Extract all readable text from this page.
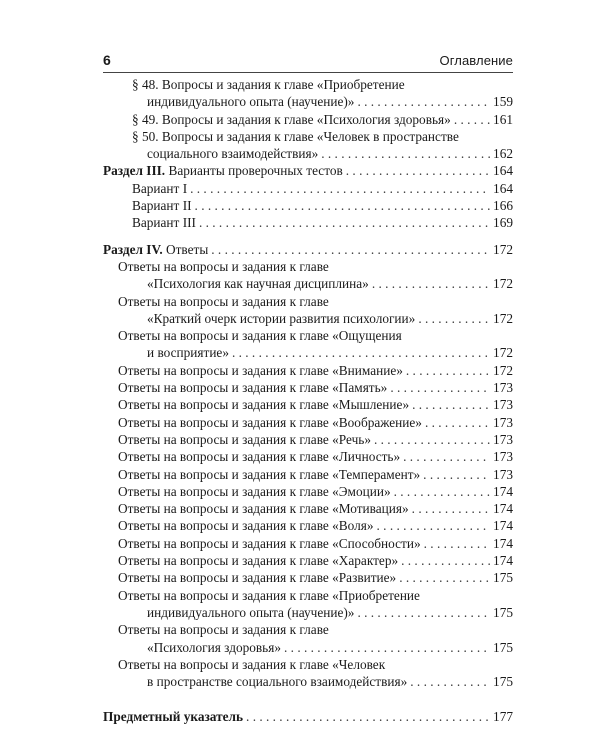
6	Оглавление
§ 48. Вопросы и задания к главе «Приобретение
индивидуального опыта (научение)» . . .	159
§ 49. Вопросы и задания к главе «Психология здоровья» . . .	161
§ 50. Вопросы и задания к главе «Человек в пространстве
социального взаимодействия» . . .	162
Раздел III. Варианты проверочных тестов . . .	164
Вариант I . . .	164
Вариант II . . .	166
Вариант III . . .	169
Раздел IV. Ответы . . .	172
Ответы на вопросы и задания к главе
«Психология как научная дисциплина» . . .	172
Ответы на вопросы и задания к главе
«Краткий очерк истории развития психологии» . . .	172
Ответы на вопросы и задания к главе «Ощущения
и восприятие» . . .	172
Ответы на вопросы и задания к главе «Внимание» . . .	172
Ответы на вопросы и задания к главе «Память» . . .	173
Ответы на вопросы и задания к главе «Мышление» . . .	173
Ответы на вопросы и задания к главе «Воображение» . . .	173
Ответы на вопросы и задания к главе «Речь» . . .	173
Ответы на вопросы и задания к главе «Личность» . . .	173
Ответы на вопросы и задания к главе «Темперамент» . . .	173
Ответы на вопросы и задания к главе «Эмоции» . . .	174
Ответы на вопросы и задания к главе «Мотивация» . . .	174
Ответы на вопросы и задания к главе «Воля» . . .	174
Ответы на вопросы и задания к главе «Способности» . . .	174
Ответы на вопросы и задания к главе «Характер» . . .	174
Ответы на вопросы и задания к главе «Развитие» . . .	175
Ответы на вопросы и задания к главе «Приобретение
индивидуального опыта (научение)» . . .	175
Ответы на вопросы и задания к главе
«Психология здоровья» . . .	175
Ответы на вопросы и задания к главе «Человек
в пространстве социального взаимодействия» . . .	175
Предметный указатель . . .	177
